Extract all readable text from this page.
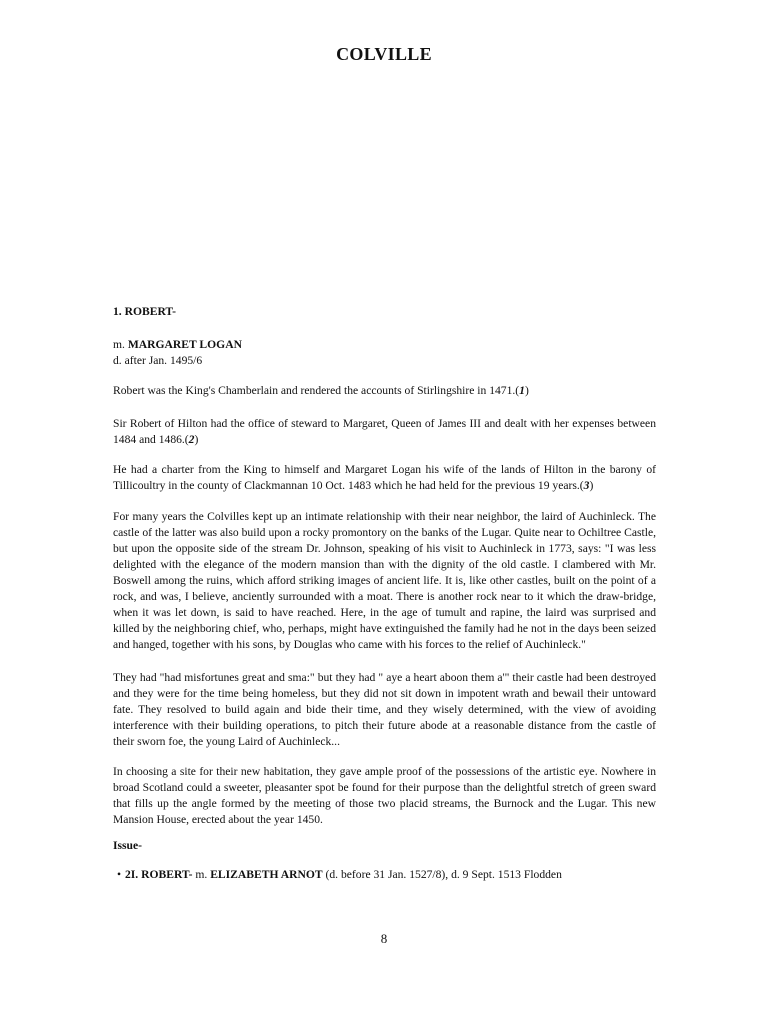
COLVILLE
1. ROBERT-
m. MARGARET LOGAN
d. after Jan. 1495/6
Robert was the King's Chamberlain and rendered the accounts of Stirlingshire in 1471.(1)
Sir Robert of Hilton had the office of steward to Margaret, Queen of James III and dealt with her expenses between 1484 and 1486.(2)
He had a charter from the King to himself and Margaret Logan his wife of the lands of Hilton in the barony of Tillicoultry in the county of Clackmannan 10 Oct. 1483 which he had held for the previous 19 years.(3)
For many years the Colvilles kept up an intimate relationship with their near neighbor, the laird of Auchinleck. The castle of the latter was also build upon a rocky promontory on the banks of the Lugar. Quite near to Ochiltree Castle, but upon the opposite side of the stream Dr. Johnson, speaking of his visit to Auchinleck in 1773, says: "I was less delighted with the elegance of the modern mansion than with the dignity of the old castle. I clambered with Mr. Boswell among the ruins, which afford striking images of ancient life. It is, like other castles, built on the point of a rock, and was, I believe, anciently surrounded with a moat. There is another rock near to it which the draw-bridge, when it was let down, is said to have reached. Here, in the age of tumult and rapine, the laird was surprised and killed by the neighboring chief, who, perhaps, might have extinguished the family had he not in the days been seized and hanged, together with his sons, by Douglas who came with his forces to the relief of Auchinleck."
They had "had misfortunes great and sma:" but they had " aye a heart aboon them a'" their castle had been destroyed and they were for the time being homeless, but they did not sit down in impotent wrath and bewail their untoward fate. They resolved to build again and bide their time, and they wisely determined, with the view of avoiding interference with their building operations, to pitch their future abode at a reasonable distance from the castle of their sworn foe, the young Laird of Auchinleck...
In choosing a site for their new habitation, they gave ample proof of the possessions of the artistic eye. Nowhere in broad Scotland could a sweeter, pleasanter spot be found for their purpose than the delightful stretch of green sward that fills up the angle formed by the meeting of those two placid streams, the Burnock and the Lugar. This new Mansion House, erected about the year 1450.
Issue-
• 2I. ROBERT- m. ELIZABETH ARNOT (d. before 31 Jan. 1527/8), d. 9 Sept. 1513 Flodden
8
